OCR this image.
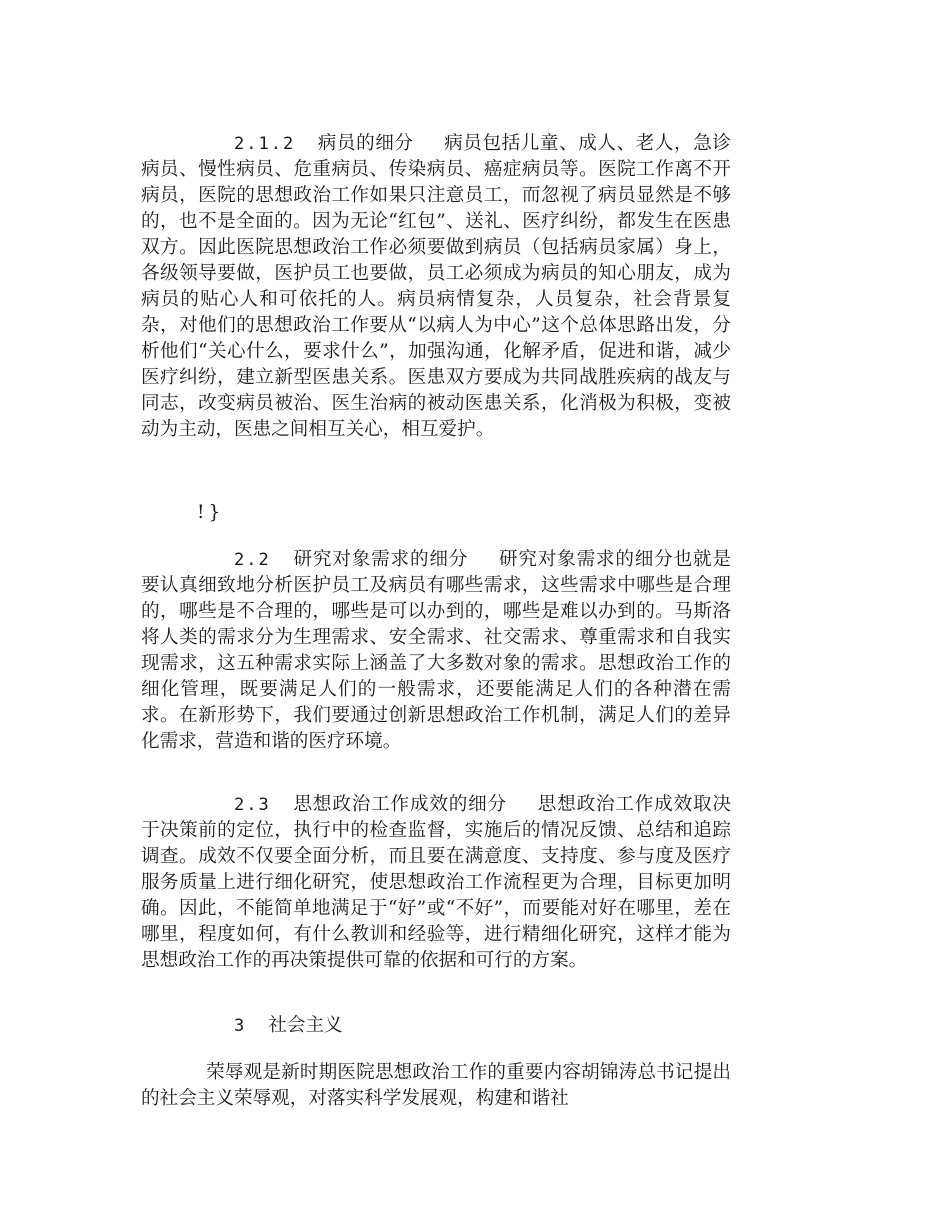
2.1.2 病员的细分 病员包括儿童、成人、老人，急诊病员、慢性病员、危重病员、传染病员、癌症病员等。医院工作离不开病员，医院的思想政治工作如果只注意员工，而忽视了病员显然是不够的，也不是全面的。因为无论“红包”、送礼、医疗纠纷，都发生在医患双方。因此医院思想政治工作必须要做到病员（包括病员家属）身上，各级领导要做，医护员工也要做，员工必须成为病员的知心朋友，成为病员的贴心人和可依托的人。病员病情复杂，人员复杂，社会背景复杂，对他们的思想政治工作要从“以病人为中心”这个总体思路出发，分析他们“关心什么，要求什么”，加强沟通，化解矛盾，促进和谐，减少医疗纠纷，建立新型医患关系。医患双方要成为共同战胜疾病的战友与同志，改变病员被治、医生治病的被动医患关系，化消极为积极，变被动为主动，医患之间相互关心，相互爱护。

!}

2.2 研究对象需求的细分 研究对象需求的细分也就是要认真细致地分析医护员工及病员有哪些需求，这些需求中哪些是合理的，哪些是不合理的，哪些是可以办到的，哪些是难以办到的。马斯洛将人类的需求分为生理需求、安全需求、社交需求、尊重需求和自我实现需求，这五种需求实际上涵盖了大多数对象的需求。思想政治工作的细化管理，既要满足人们的一般需求，还要能满足人们的各种潜在需求。在新形势下，我们要通过创新思想政治工作机制，满足人们的差异化需求，营造和谐的医疗环境。

2.3 思想政治工作成效的细分 思想政治工作成效取决于决策前的定位，执行中的检查监督，实施后的情况反馈、总结和追踪调查。成效不仅要全面分析，而且要在满意度、支持度、参与度及医疗服务质量上进行细化研究，使思想政治工作流程更为合理，目标更加明确。因此，不能简单地满足于“好”或“不好”，而要能对好在哪里，差在哪里，程度如何，有什么教训和经验等，进行精细化研究，这样才能为思想政治工作的再决策提供可靠的依据和可行的方案。

3 社会主义

荣辱观是新时期医院思想政治工作的重要内容胡锦涛总书记提出的社会主义荣辱观，对落实科学发展观，构建和谐社
